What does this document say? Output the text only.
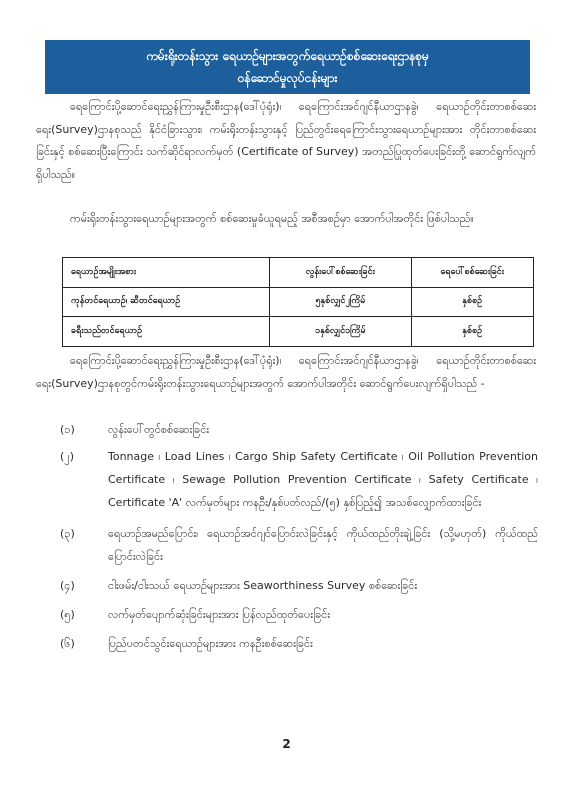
ကမ်းရိုးတန်းသွား ရေယာဉ်များအတွက်ရေယာဉ်စစ်ဆေးရေးဌာနစုမှ
ဝန်ဆောင်မှုလုပ်ငန်းများ
ရေကြောင်းပို့ဆောင်ရေးညွှန်ကြားမှုဦးစီးဌာန(ဒေါ်ပုံရုံး)၊ ရေကြောင်းအင်ဂျင်နီယာဌာနခွဲ၊ ရေယာဉ်တိုင်းတာစစ်ဆေးရေး(Survey)ဌာနစုသည် နိုင်ငံခြားသွား၊ ကမ်းရိုးတန်းသွားနှင့် ပြည်တွင်းရေကြောင်းသွားရေယာဉ်များအား တိုင်းတာစစ်ဆေးခြင်းနှင့် စစ်ဆေးပြီးကြောင်း သက်ဆိုင်ရာလက်မှတ် (Certificate of Survey) အတည်ပြုထုတ်ပေးခြင်းတို့ ဆောင်ရွက်လျက်ရှိပါသည်။
ကမ်းရိုးတန်းသွားရေယာဉ်များအတွက် စစ်ဆေးမှုခံယူရမည့် အစီအစဉ်မှာ အောက်ပါအတိုင်း ဖြစ်ပါသည်။
ရေယာဉ်အမျိုးအစား	လွန်းပေါ်စစ်ဆေးခြင်း	ရေပေါ်စစ်ဆေးခြင်း
ကုန်တင်ရေယာဉ်၊ ဆီတင်ရေယာဉ်	၅နှစ်လျှင်၂ကြိမ်	နှစ်စဉ်
ခရီးသည်တင်ရေယာဉ်	၁နှစ်လျှင်၁ကြိမ်	နှစ်စဉ်
ရေကြောင်းပို့ဆောင်ရေးညွှန်ကြားမှုဦးစီးဌာန(ဒေါ်ပုံရုံး)၊ ရေကြောင်းအင်ဂျင်နီယာဌာနခွဲ၊ ရေယာဉ်တိုင်းတာစစ်ဆေးရေး(Survey)ဌာနစုတွင်ကမ်းရိုးတန်းသွားရေယာဉ်များအတွက် အောက်ပါအတိုင်း ဆောင်ရွက်ပေးလျက်ရှိပါသည် -
(၁)	လွန်းပေါ်တွင်စစ်ဆေးခြင်း
(၂)	Tonnage ၊ Load Lines ၊ Cargo Ship Safety Certificate ၊ Oil Pollution Prevention Certificate ၊ Sewage Pollution Prevention Certificate ၊ Safety Certificate ၊ Certificate 'A' လက်မှတ်များ ကနဦး/နှစ်ပတ်လည်/(၅) နှစ်ပြည့်၍ အသစ်လျှောက်ထားခြင်း
(၃)	ရေယာဉ်အမည်ပြောင်း၊ ရေယာဉ်အင်ဂျင်ပြောင်းလဲခြင်းနှင့် ကိုယ်ထည်တိုးချဲ့ခြင်း (သို့မဟုတ်) ကိုယ်ထည်ပြောင်းလဲခြင်း
(၄)	ငါးဖမ်း/ငါးသယ် ရေယာဉ်များအား Seaworthiness Survey စစ်ဆေးခြင်း
(၅)	လက်မှတ်ပျောက်ဆုံးခြင်းများအား ပြန်လည်ထုတ်ပေးခြင်း
(၆)	ပြည်ပတင်သွင်းရေယာဉ်များအား ကနဦးစစ်ဆေးခြင်း
2
